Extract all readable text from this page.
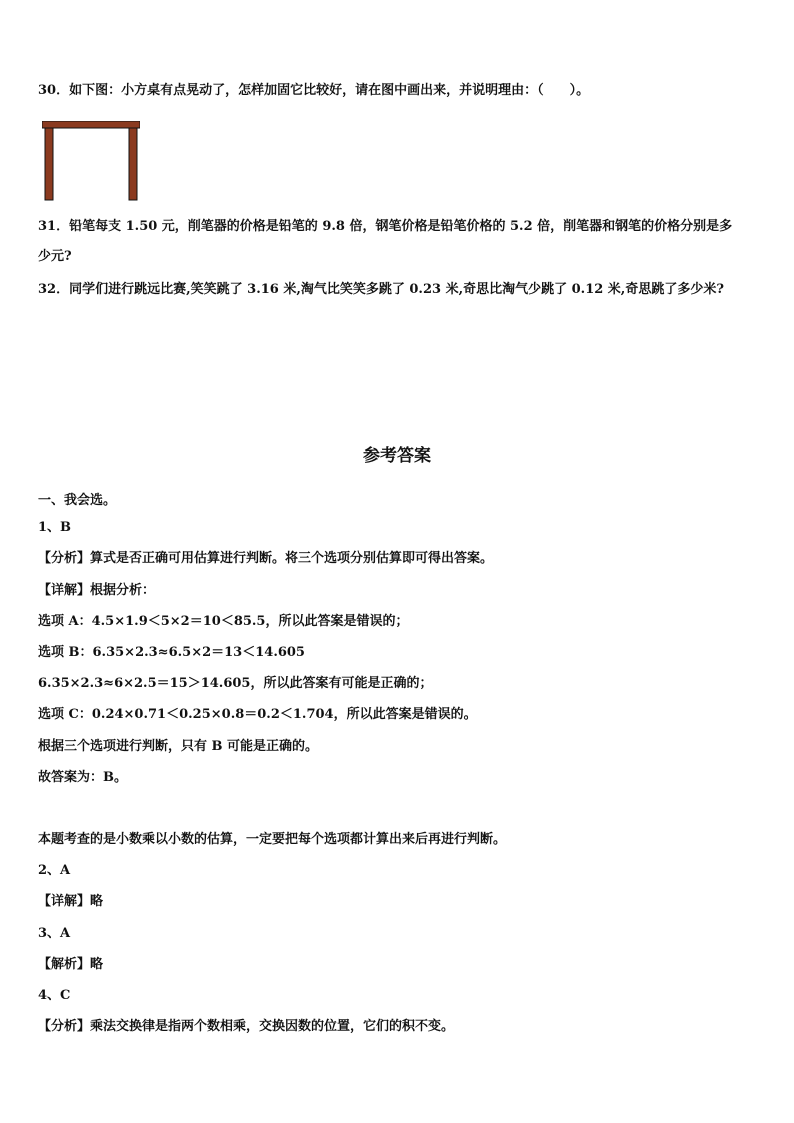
30．如下图：小方桌有点晃动了，怎样加固它比较好，请在图中画出来，并说明理由：（　　）。
31．铅笔每支 1.50 元，削笔器的价格是铅笔的 9.8 倍，钢笔价格是铅笔价格的 5.2 倍，削笔器和钢笔的价格分别是多
少元?
32．同学们进行跳远比赛,笑笑跳了 3.16 米,淘气比笑笑多跳了 0.23 米,奇思比淘气少跳了 0.12 米,奇思跳了多少米?
参考答案
一、我会选。
1、B
【分析】算式是否正确可用估算进行判断。将三个选项分别估算即可得出答案。
【详解】根据分析：
选项 A：4.5×1.9＜5×2＝10＜85.5，所以此答案是错误的；
选项 B：6.35×2.3≈6.5×2＝13＜14.605
6.35×2.3≈6×2.5＝15＞14.605，所以此答案有可能是正确的；
选项 C：0.24×0.71＜0.25×0.8＝0.2＜1.704，所以此答案是错误的。
根据三个选项进行判断，只有 B 可能是正确的。
故答案为：B。
本题考查的是小数乘以小数的估算，一定要把每个选项都计算出来后再进行判断。
2、A
【详解】略
3、A
【解析】略
4、C
【分析】乘法交换律是指两个数相乘，交换因数的位置，它们的积不变。
